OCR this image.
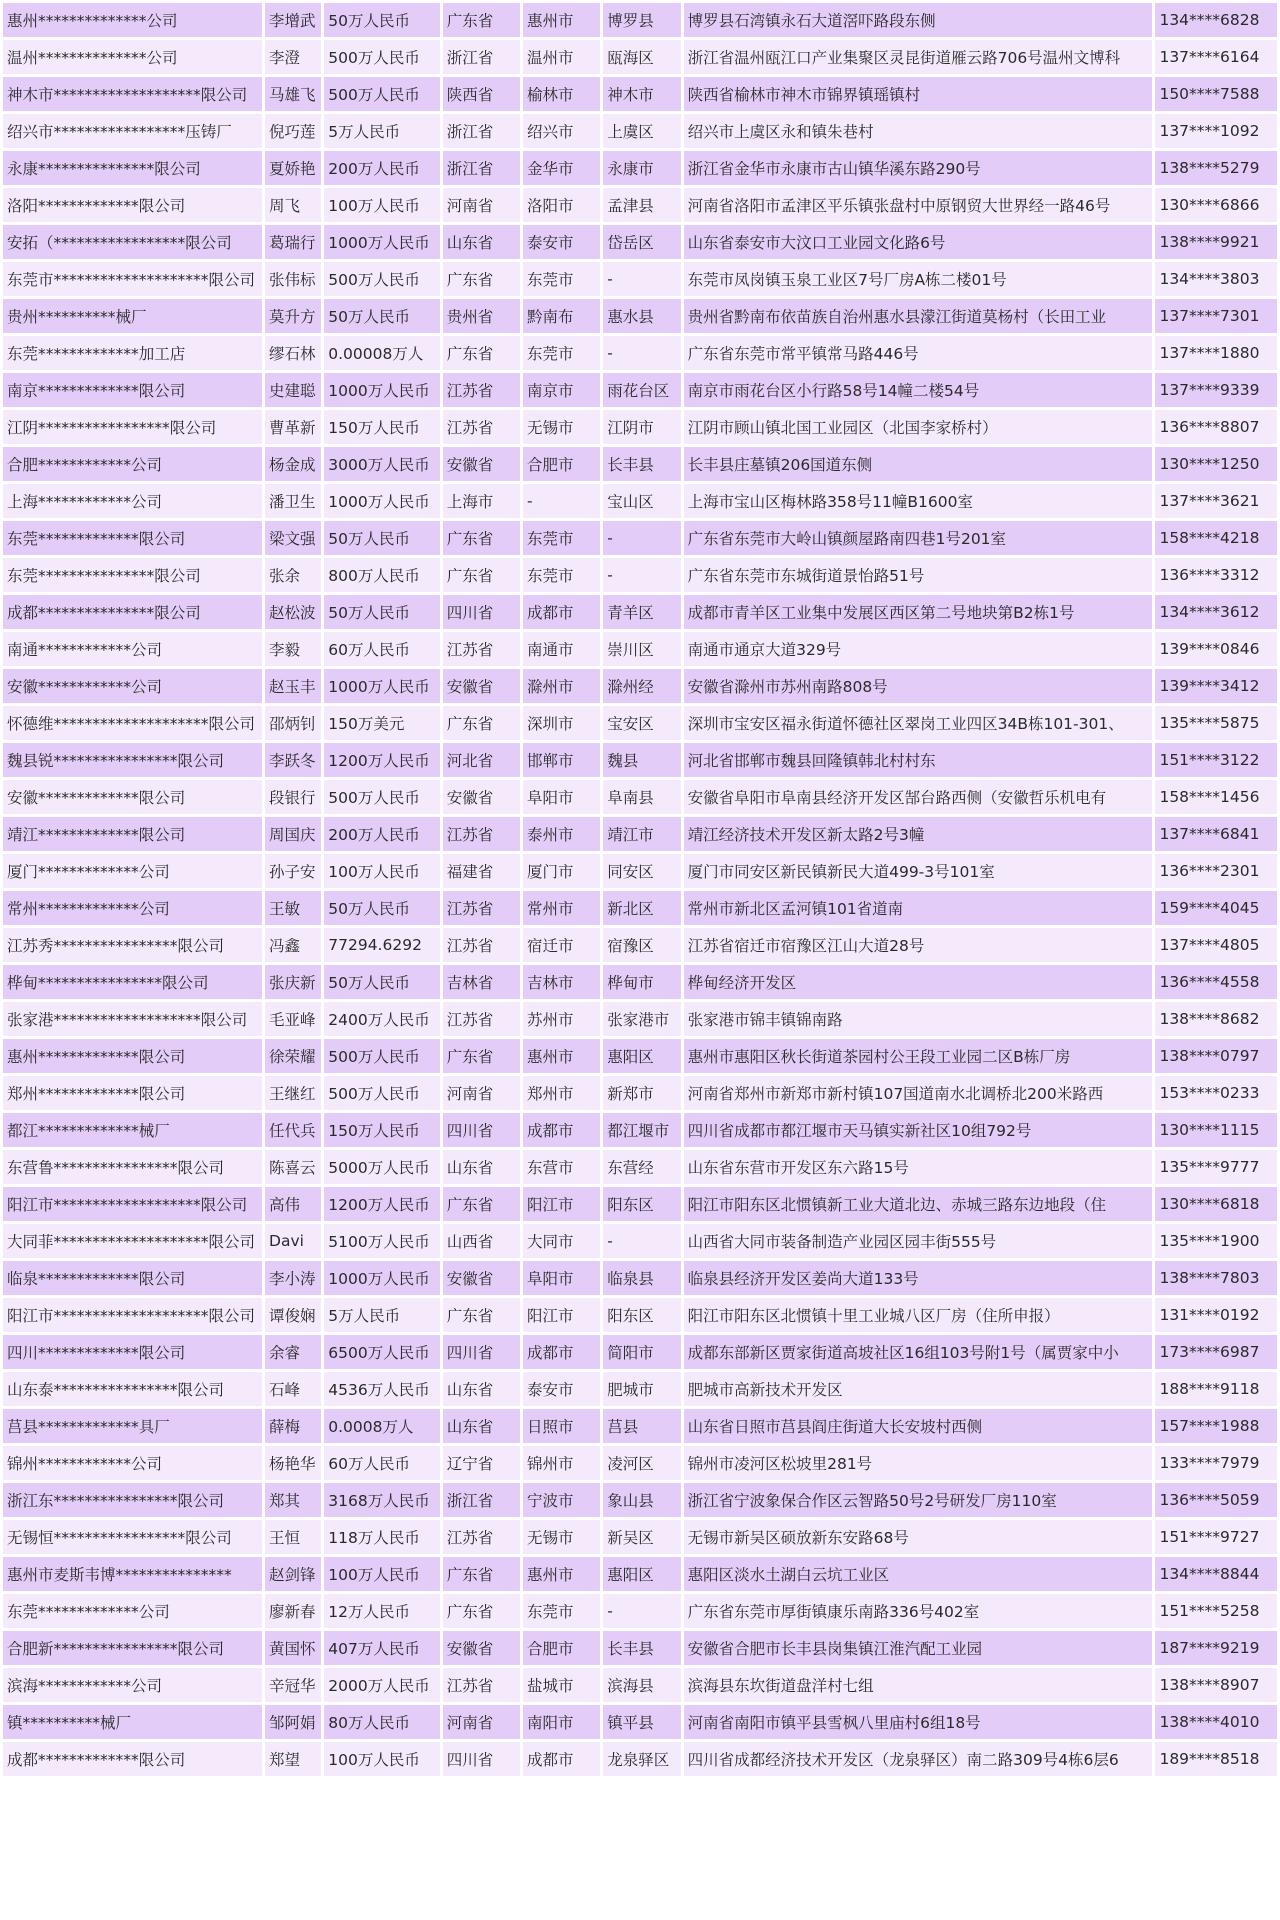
惠州**************公司	李增武	50万人民币	广东省	惠州市	博罗县	博罗县石湾镇永石大道滘吓路段东侧	134****6828
温州**************公司	李澄	500万人民币	浙江省	温州市	瓯海区	浙江省温州瓯江口产业集聚区灵昆街道雁云路706号温州文博科	137****6164
神木市*******************限公司	马雄飞	500万人民币	陕西省	榆林市	神木市	陕西省榆林市神木市锦界镇瑶镇村	150****7588
绍兴市*****************压铸厂	倪巧莲	5万人民币	浙江省	绍兴市	上虞区	绍兴市上虞区永和镇朱巷村	137****1092
永康***************限公司	夏娇艳	200万人民币	浙江省	金华市	永康市	浙江省金华市永康市古山镇华溪东路290号	138****5279
洛阳*************限公司	周飞	100万人民币	河南省	洛阳市	孟津县	河南省洛阳市孟津区平乐镇张盘村中原钢贸大世界经一路46号	130****6866
安拓（*****************限公司	葛瑞行	1000万人民币	山东省	泰安市	岱岳区	山东省泰安市大汶口工业园文化路6号	138****9921
东莞市********************限公司	张伟标	500万人民币	广东省	东莞市	-	东莞市凤岗镇玉泉工业区7号厂房A栋二楼01号	134****3803
贵州**********械厂	莫升方	50万人民币	贵州省	黔南布	惠水县	贵州省黔南布依苗族自治州惠水县濛江街道莫杨村（长田工业	137****7301
东莞*************加工店	缪石林	0.00008万人	广东省	东莞市	-	广东省东莞市常平镇常马路446号	137****1880
南京*************限公司	史建聪	1000万人民币	江苏省	南京市	雨花台区	南京市雨花台区小行路58号14幢二楼54号	137****9339
江阴*****************限公司	曹革新	150万人民币	江苏省	无锡市	江阴市	江阴市顾山镇北国工业园区（北国李家桥村）	136****8807
合肥************公司	杨金成	3000万人民币	安徽省	合肥市	长丰县	长丰县庄墓镇206国道东侧	130****1250
上海************公司	潘卫生	1000万人民币	上海市	-	宝山区	上海市宝山区梅林路358号11幢B1600室	137****3621
东莞*************限公司	梁文强	50万人民币	广东省	东莞市	-	广东省东莞市大岭山镇颜屋路南四巷1号201室	158****4218
东莞***************限公司	张余	800万人民币	广东省	东莞市	-	广东省东莞市东城街道景怡路51号	136****3312
成都***************限公司	赵松波	50万人民币	四川省	成都市	青羊区	成都市青羊区工业集中发展区西区第二号地块第B2栋1号	134****3612
南通************公司	李毅	60万人民币	江苏省	南通市	崇川区	南通市通京大道329号	139****0846
安徽************公司	赵玉丰	1000万人民币	安徽省	滁州市	滁州经	安徽省滁州市苏州南路808号	139****3412
怀德维********************限公司	邵炳钊	150万美元	广东省	深圳市	宝安区	深圳市宝安区福永街道怀德社区翠岗工业四区34B栋101-301、	135****5875
魏县锐****************限公司	李跃冬	1200万人民币	河北省	邯郸市	魏县	河北省邯郸市魏县回隆镇韩北村村东	151****3122
安徽*************限公司	段银行	500万人民币	安徽省	阜阳市	阜南县	安徽省阜阳市阜南县经济开发区郜台路西侧（安徽哲乐机电有	158****1456
靖江*************限公司	周国庆	200万人民币	江苏省	泰州市	靖江市	靖江经济技术开发区新太路2号3幢	137****6841
厦门*************公司	孙子安	100万人民币	福建省	厦门市	同安区	厦门市同安区新民镇新民大道499-3号101室	136****2301
常州*************公司	王敏	50万人民币	江苏省	常州市	新北区	常州市新北区孟河镇101省道南	159****4045
江苏秀****************限公司	冯鑫	77294.6292	江苏省	宿迁市	宿豫区	江苏省宿迁市宿豫区江山大道28号	137****4805
桦甸****************限公司	张庆新	50万人民币	吉林省	吉林市	桦甸市	桦甸经济开发区	136****4558
张家港*******************限公司	毛亚峰	2400万人民币	江苏省	苏州市	张家港市	张家港市锦丰镇锦南路	138****8682
惠州*************限公司	徐荣耀	500万人民币	广东省	惠州市	惠阳区	惠州市惠阳区秋长街道茶园村公王段工业园二区B栋厂房	138****0797
郑州*************限公司	王继红	500万人民币	河南省	郑州市	新郑市	河南省郑州市新郑市新村镇107国道南水北调桥北200米路西	153****0233
都江*************械厂	任代兵	150万人民币	四川省	成都市	都江堰市	四川省成都市都江堰市天马镇实新社区10组792号	130****1115
东营鲁****************限公司	陈喜云	5000万人民币	山东省	东营市	东营经	山东省东营市开发区东六路15号	135****9777
阳江市*******************限公司	高伟	1200万人民币	广东省	阳江市	阳东区	阳江市阳东区北惯镇新工业大道北边、赤城三路东边地段（住	130****6818
大同菲********************限公司	Davi	5100万人民币	山西省	大同市	-	山西省大同市装备制造产业园区园丰街555号	135****1900
临泉*************限公司	李小涛	1000万人民币	安徽省	阜阳市	临泉县	临泉县经济开发区姜尚大道133号	138****7803
阳江市********************限公司	谭俊娴	5万人民币	广东省	阳江市	阳东区	阳江市阳东区北惯镇十里工业城八区厂房（住所申报）	131****0192
四川*************限公司	余睿	6500万人民币	四川省	成都市	简阳市	成都东部新区贾家街道高坡社区16组103号附1号（属贾家中小	173****6987
山东泰****************限公司	石峰	4536万人民币	山东省	泰安市	肥城市	肥城市高新技术开发区	188****9118
莒县*************具厂	薛梅	0.0008万人	山东省	日照市	莒县	山东省日照市莒县阎庄街道大长安坡村西侧	157****1988
锦州************公司	杨艳华	60万人民币	辽宁省	锦州市	凌河区	锦州市凌河区松坡里281号	133****7979
浙江东****************限公司	郑其	3168万人民币	浙江省	宁波市	象山县	浙江省宁波象保合作区云智路50号2号研发厂房110室	136****5059
无锡恒*****************限公司	王恒	118万人民币	江苏省	无锡市	新吴区	无锡市新吴区硕放新东安路68号	151****9727
惠州市麦斯韦博***************	赵剑锋	100万人民币	广东省	惠州市	惠阳区	惠阳区淡水土湖白云坑工业区	134****8844
东莞*************公司	廖新春	12万人民币	广东省	东莞市	-	广东省东莞市厚街镇康乐南路336号402室	151****5258
合肥新****************限公司	黄国怀	407万人民币	安徽省	合肥市	长丰县	安徽省合肥市长丰县岗集镇江淮汽配工业园	187****9219
滨海************公司	辛冠华	2000万人民币	江苏省	盐城市	滨海县	滨海县东坎街道盘洋村七组	138****8907
镇**********械厂	邹阿娟	80万人民币	河南省	南阳市	镇平县	河南省南阳市镇平县雪枫八里庙村6组18号	138****4010
成都*************限公司	郑望	100万人民币	四川省	成都市	龙泉驿区	四川省成都经济技术开发区（龙泉驿区）南二路309号4栋6层6	189****8518
